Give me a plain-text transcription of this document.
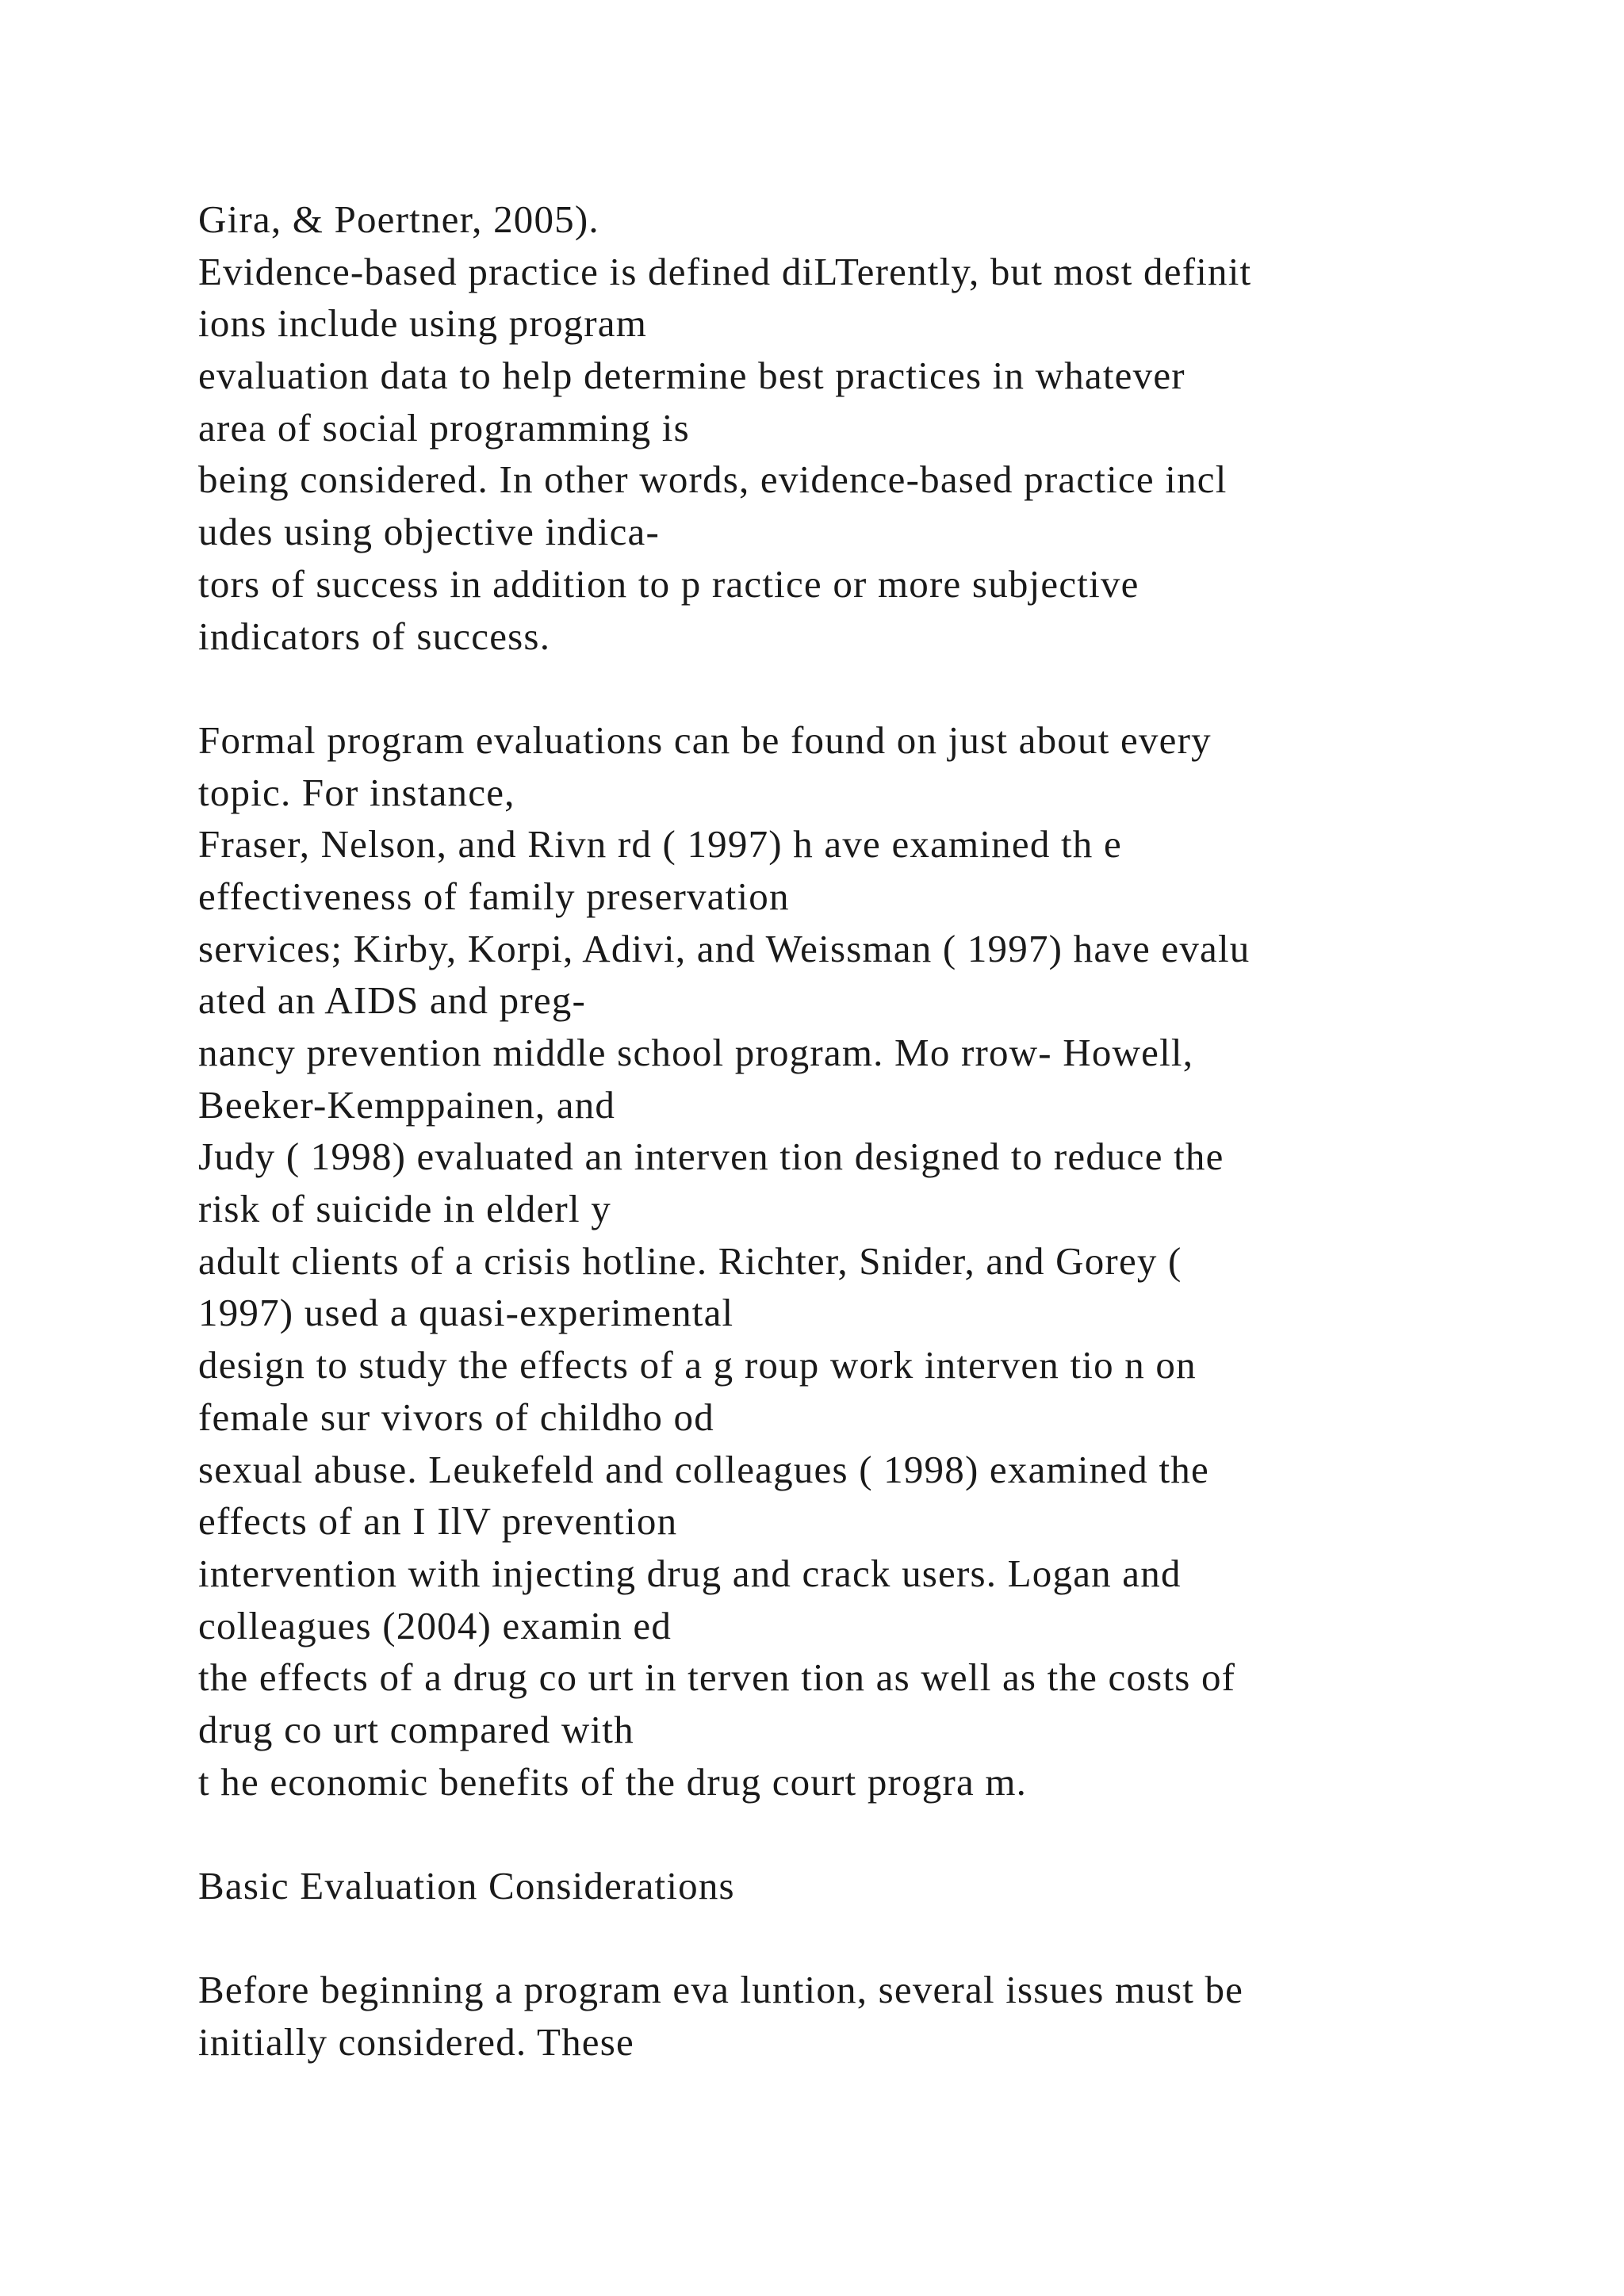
Gira, & Poertner, 2005).
Evidence-based practice is defined diLTerently, but most definit
ions include using program
evaluation data to help determine best practices in whatever
area of social programming is
being considered. In other words, evidence-based practice incl
udes using objective indica-
tors of success in addition to p ractice or more subjective
indicators of success.
Formal program evaluations can be found on just about every
topic. For instance,
Fraser, Nelson, and Rivn rd ( 1997) h ave examined th e
effectiveness of family preservation
services; Kirby, Korpi, Adivi, and Weissman ( 1997) have evalu
ated an AIDS and preg-
nancy prevention middle school program. Mo rrow- Howell,
Beeker-Kemppainen, and
Judy ( 1998) evaluated an interven tion designed to reduce the
risk of suicide in elderl y
adult clients of a crisis hotline. Richter, Snider, and Gorey (
1997) used a quasi-experimental
design to study the effects of a g roup work interven tio n on
female sur vivors of childho od
sexual abuse. Leukefeld and colleagues ( 1998) examined the
effects of an I IlV prevention
intervention with injecting drug and crack users. Logan and
colleagues (2004) examin ed
the effects of a drug co urt in terven tion as well as the costs of
drug co urt compared with
t he economic benefits of the drug court progra m.
Basic Evaluation Considerations
Before beginning a program eva luntion, several issues must be
initially considered. These
